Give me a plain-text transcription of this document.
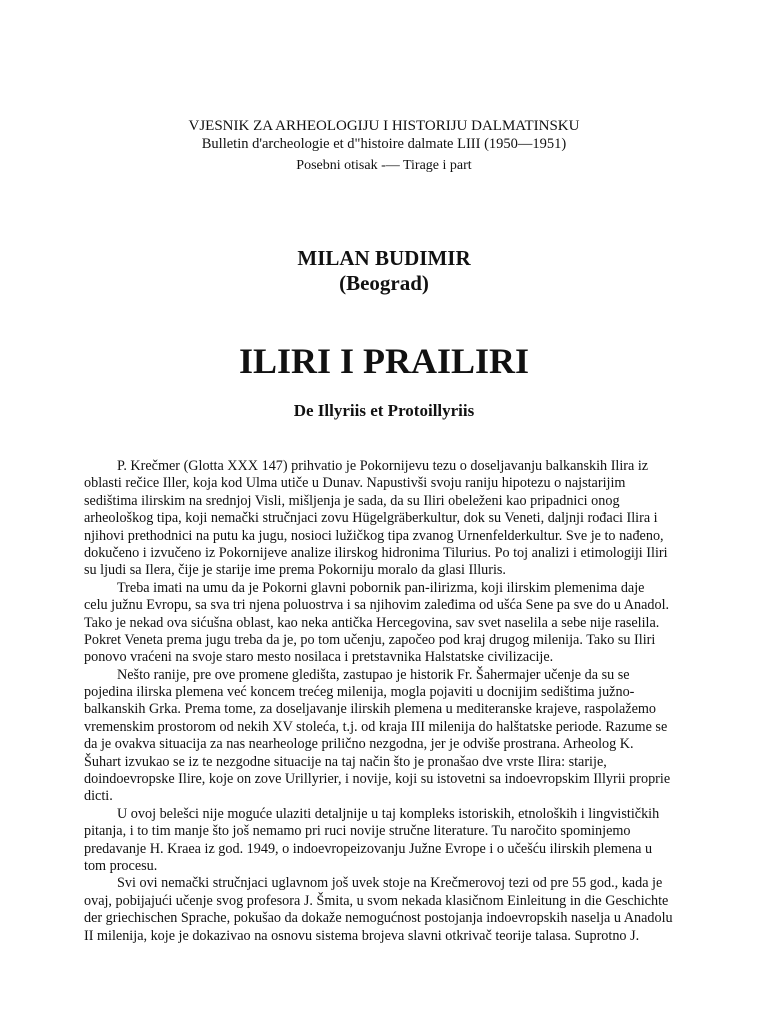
VJESNIK ZA ARHEOLOGIJU I HISTORIJU DALMATINSKU
Bulletin d'archeologie et d"histoire dalmate LIII (1950—1951)
Posebni otisak -— Tirage i part
MILAN BUDIMIR
(Beograd)
ILIRI I PRAILIRI
De Illyriis et Protoillyriis
P. Krečmer (Glotta XXX 147) prihvatio je Pokornijevu tezu o doseljavanju balkanskih Ilira iz
oblasti rečice Iller, koja kod Ulma utiče u Dunav. Napustivši svoju raniju hipotezu o najstarijim
sedištima ilirskim na srednjoj Visli, mišljenja je sada, da su Iliri obeleženi kao pripadnici onog
arheološkog tipa, koji nemački stručnjaci zovu Hügelgräberkultur, dok su Veneti, daljnji rođaci Ilira i
njihovi prethodnici na putu ka jugu, nosioci lužičkog tipa zvanog Urnenfelderkultur. Sve je to nađeno,
dokučeno i izvučeno iz Pokornijeve analize ilirskog hidronima Tilurius. Po toj analizi i etimologiji Iliri
su ljudi sa Ilera, čije je starije ime prema Pokorniju moralo da glasi Illuris.
Treba imati na umu da je Pokorni glavni pobornik pan-ilirizma, koji ilirskim plemenima daje
celu južnu Evropu, sa sva tri njena poluostrva i sa njihovim zaleđima od ušća Sene pa sve do u Anadol.
Tako je nekad ova sićušna oblast, kao neka antička Hercegovina, sav svet naselila a sebe nije raselila.
Pokret Veneta prema jugu treba da je, po tom učenju, započeo pod kraj drugog milenija. Tako su Iliri
ponovo vraćeni na svoje staro mesto nosilaca i pretstavnika Halstatske civilizacije.
Nešto ranije, pre ove promene gledišta, zastupao je historik Fr. Šahermajer učenje da su se
pojedina ilirska plemena već koncem trećeg milenija, mogla pojaviti u docnijim sedištima južno-
balkanskih Grka. Prema tome, za doseljavanje ilirskih plemena u mediteranske krajeve, raspolažemo
vremenskim prostorom od nekih XV stoleća, t.j. od kraja III milenija do halštatske periode. Razume se
da je ovakva situacija za nas nearheologe prilično nezgodna, jer je odviše prostrana. Arheolog K.
Šuhart izvukao se iz te nezgodne situacije na taj način što je pronašao dve vrste Ilira: starije,
doindoevropske Ilire, koje on zove Urillyrier, i novije, koji su istovetni sa indoevropskim Illyrii proprie
dicti.
U ovoj belešci nije moguće ulaziti detaljnije u taj kompleks istoriskih, etnoloških i lingvističkih
pitanja, i to tim manje što još nemamo pri ruci novije stručne literature. Tu naročito spominjemo
predavanje H. Kraea iz god. 1949, o indoevropeizovanju Južne Evrope i o učešću ilirskih plemena u
tom procesu.
Svi ovi nemački stručnjaci uglavnom još uvek stoje na Krečmerovoj tezi od pre 55 god., kada je
ovaj, pobijajući učenje svog profesora J. Šmita, u svom nekada klasičnom Einleitung in die Geschichte
der griechischen Sprache, pokušao da dokaže nemogućnost postojanja indoevropskih naselja u Anadolu
II milenija, koje je dokazivao na osnovu sistema brojeva slavni otkrivač teorije talasa. Suprotno J.
